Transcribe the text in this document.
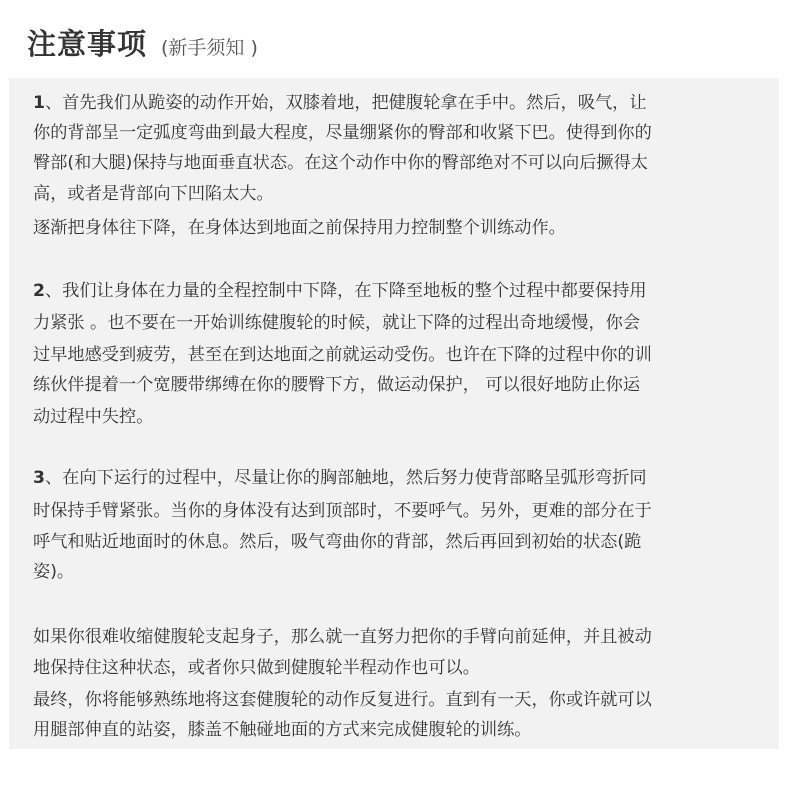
注意事项 (新手须知 )
1、首先我们从跪姿的动作开始，双膝着地，把健腹轮拿在手中。然后，吸气，让
你的背部呈一定弧度弯曲到最大程度，尽量绷紧你的臀部和收紧下巴。使得到你的
臀部(和大腿)保持与地面垂直状态。在这个动作中你的臀部绝对不可以向后撅得太
高，或者是背部向下凹陷太大。
逐渐把身体往下降，在身体达到地面之前保持用力控制整个训练动作。
2、我们让身体在力量的全程控制中下降，在下降至地板的整个过程中都要保持用
力紧张 。也不要在一开始训练健腹轮的时候，就让下降的过程出奇地缓慢，你会
过早地感受到疲劳，甚至在到达地面之前就运动受伤。也许在下降的过程中你的训
练伙伴提着一个宽腰带绑缚在你的腰臀下方，做运动保护， 可以很好地防止你运
动过程中失控。
3、在向下运行的过程中，尽量让你的胸部触地，然后努力使背部略呈弧形弯折同
时保持手臂紧张。当你的身体没有达到顶部时，不要呼气。另外，更难的部分在于
呼气和贴近地面时的休息。然后，吸气弯曲你的背部，然后再回到初始的状态(跪
姿)。
如果你很难收缩健腹轮支起身子，那么就一直努力把你的手臂向前延伸，并且被动
地保持住这种状态，或者你只做到健腹轮半程动作也可以。
最终，你将能够熟练地将这套健腹轮的动作反复进行。直到有一天，你或许就可以
用腿部伸直的站姿，膝盖不触碰地面的方式来完成健腹轮的训练。
